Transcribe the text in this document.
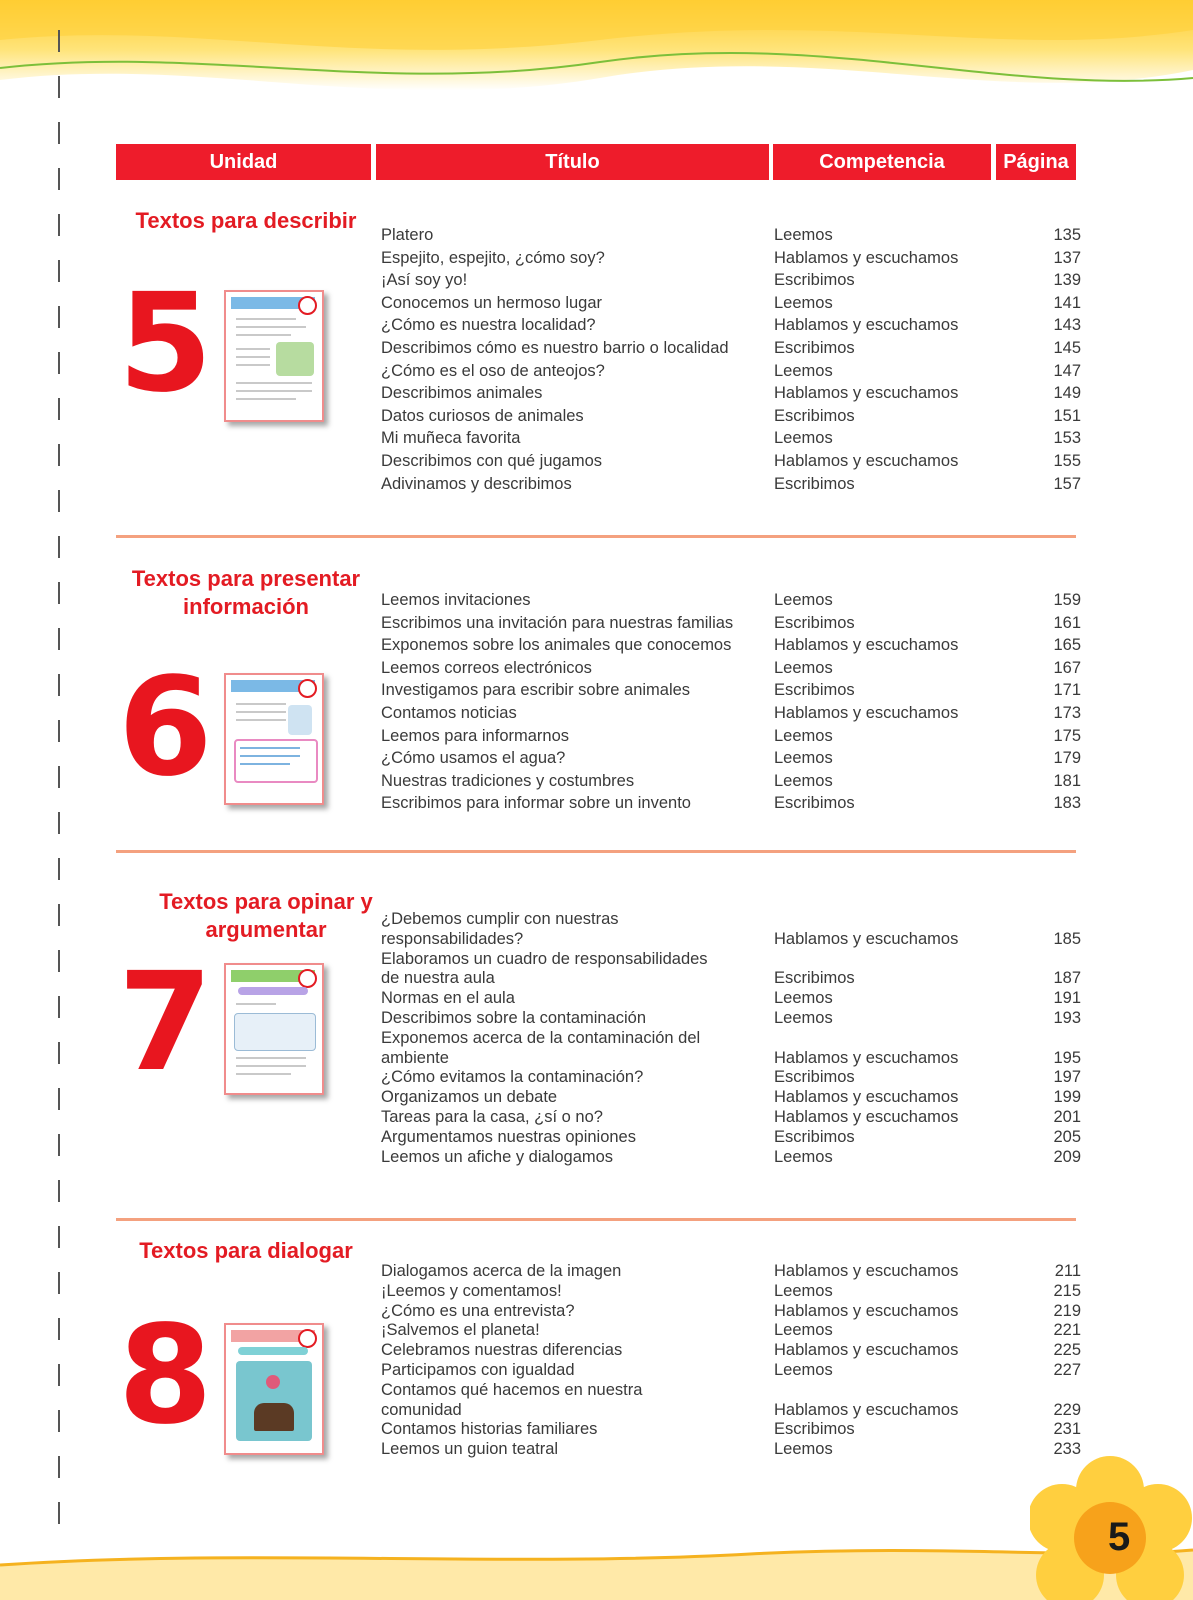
Unidad	Título	Competencia	Página
Textos para describir
5
Platero	Leemos	135
Espejito, espejito, ¿cómo soy?	Hablamos y escuchamos	137
¡Así soy yo!	Escribimos	139
Conocemos un hermoso lugar	Leemos	141
¿Cómo es nuestra localidad?	Hablamos y escuchamos	143
Describimos cómo es nuestro barrio o localidad	Escribimos	145
¿Cómo es el oso de anteojos?	Leemos	147
Describimos animales	Hablamos y escuchamos	149
Datos curiosos de animales	Escribimos	151
Mi muñeca favorita	Leemos	153
Describimos con qué jugamos	Hablamos y escuchamos	155
Adivinamos y describimos	Escribimos	157
Textos para presentar información
6
Leemos invitaciones	Leemos	159
Escribimos una invitación para nuestras familias	Escribimos	161
Exponemos sobre los animales que conocemos	Hablamos y escuchamos	165
Leemos correos electrónicos	Leemos	167
Investigamos para escribir sobre animales	Escribimos	171
Contamos noticias	Hablamos y escuchamos	173
Leemos para informarnos	Leemos	175
¿Cómo usamos el agua?	Leemos	179
Nuestras tradiciones y costumbres	Leemos	181
Escribimos para informar sobre un invento	Escribimos	183
Textos para opinar y argumentar
7
¿Debemos cumplir con nuestras
responsabilidades?	Hablamos y escuchamos	185
Elaboramos un cuadro de responsabilidades
de nuestra aula	Escribimos	187
Normas en el aula	Leemos	191
Describimos sobre la contaminación	Leemos	193
Exponemos acerca de la contaminación del
ambiente	Hablamos y escuchamos	195
¿Cómo evitamos la contaminación?	Escribimos	197
Organizamos un debate	Hablamos y escuchamos	199
Tareas para la casa, ¿sí o no?	Hablamos y escuchamos	201
Argumentamos nuestras opiniones	Escribimos	205
Leemos un afiche y dialogamos	Leemos	209
Textos para dialogar
8
Dialogamos acerca de la imagen	Hablamos y escuchamos	211
¡Leemos y comentamos!	Leemos	215
¿Cómo es una entrevista?	Hablamos y escuchamos	219
¡Salvemos el planeta!	Leemos	221
Celebramos nuestras diferencias	Hablamos y escuchamos	225
Participamos con igualdad	Leemos	227
Contamos qué hacemos en nuestra
comunidad	Hablamos y escuchamos	229
Contamos historias familiares	Escribimos	231
Leemos un guion teatral	Leemos	233
5
